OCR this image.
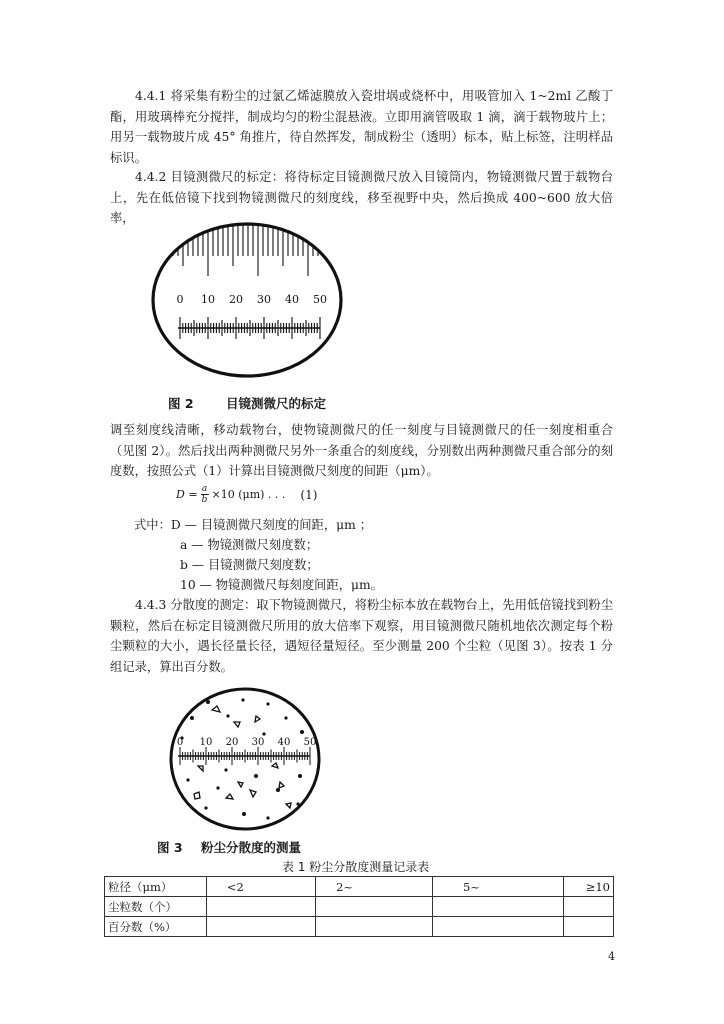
4.4.1 将采集有粉尘的过氯乙烯滤膜放入瓷坩埚或烧杯中，用吸管加入 1~2ml 乙酸丁酯，用玻璃棒充分搅拌，制成均匀的粉尘混悬液。立即用滴管吸取 1 滴，滴于载物玻片上；用另一载物玻片成 45° 角推片，待自然挥发，制成粉尘（透明）标本，贴上标签，注明样品标识。

4.4.2 目镜测微尺的标定：将待标定目镜测微尺放入目镜筒内，物镜测微尺置于载物台上，先在低倍镜下找到物镜测微尺的刻度线，移至视野中央，然后换成 400~600 放大倍率，

0 10 20 30 40 50
图 2	目镜测微尺的标定

调至刻度线清晰，移动载物台，使物镜测微尺的任一刻度与目镜测微尺的任一刻度相重合（见图 2）。然后找出两种测微尺另外一条重合的刻度线，分别数出两种测微尺重合部分的刻度数，按照公式（1）计算出目镜测微尺刻度的间距（μm）。

$D = \frac{a}{b} \times 10$ (μm) . . . (1)

式中：D — 目镜测微尺刻度的间距，μm ；

a — 物镜测微尺刻度数；

b — 目镜测微尺刻度数；

10 — 物镜测微尺每刻度间距，μm。

4.4.3 分散度的测定：取下物镜测微尺，将粉尘标本放在载物台上，先用低倍镜找到粉尘颗粒，然后在标定目镜测微尺所用的放大倍率下观察，用目镜测微尺随机地依次测定每个粉尘颗粒的大小，遇长径量长径，遇短径量短径。至少测量 200 个尘粒（见图 3）。按表 1 分组记录，算出百分数。

0 10 20 30 40 50
图 3 粉尘分散度的测量

表 1 粉尘分散度测量记录表

粒径（μm）	<2	2~	5~	≥10
尘粒数（个）				
百分数（%）				
4
